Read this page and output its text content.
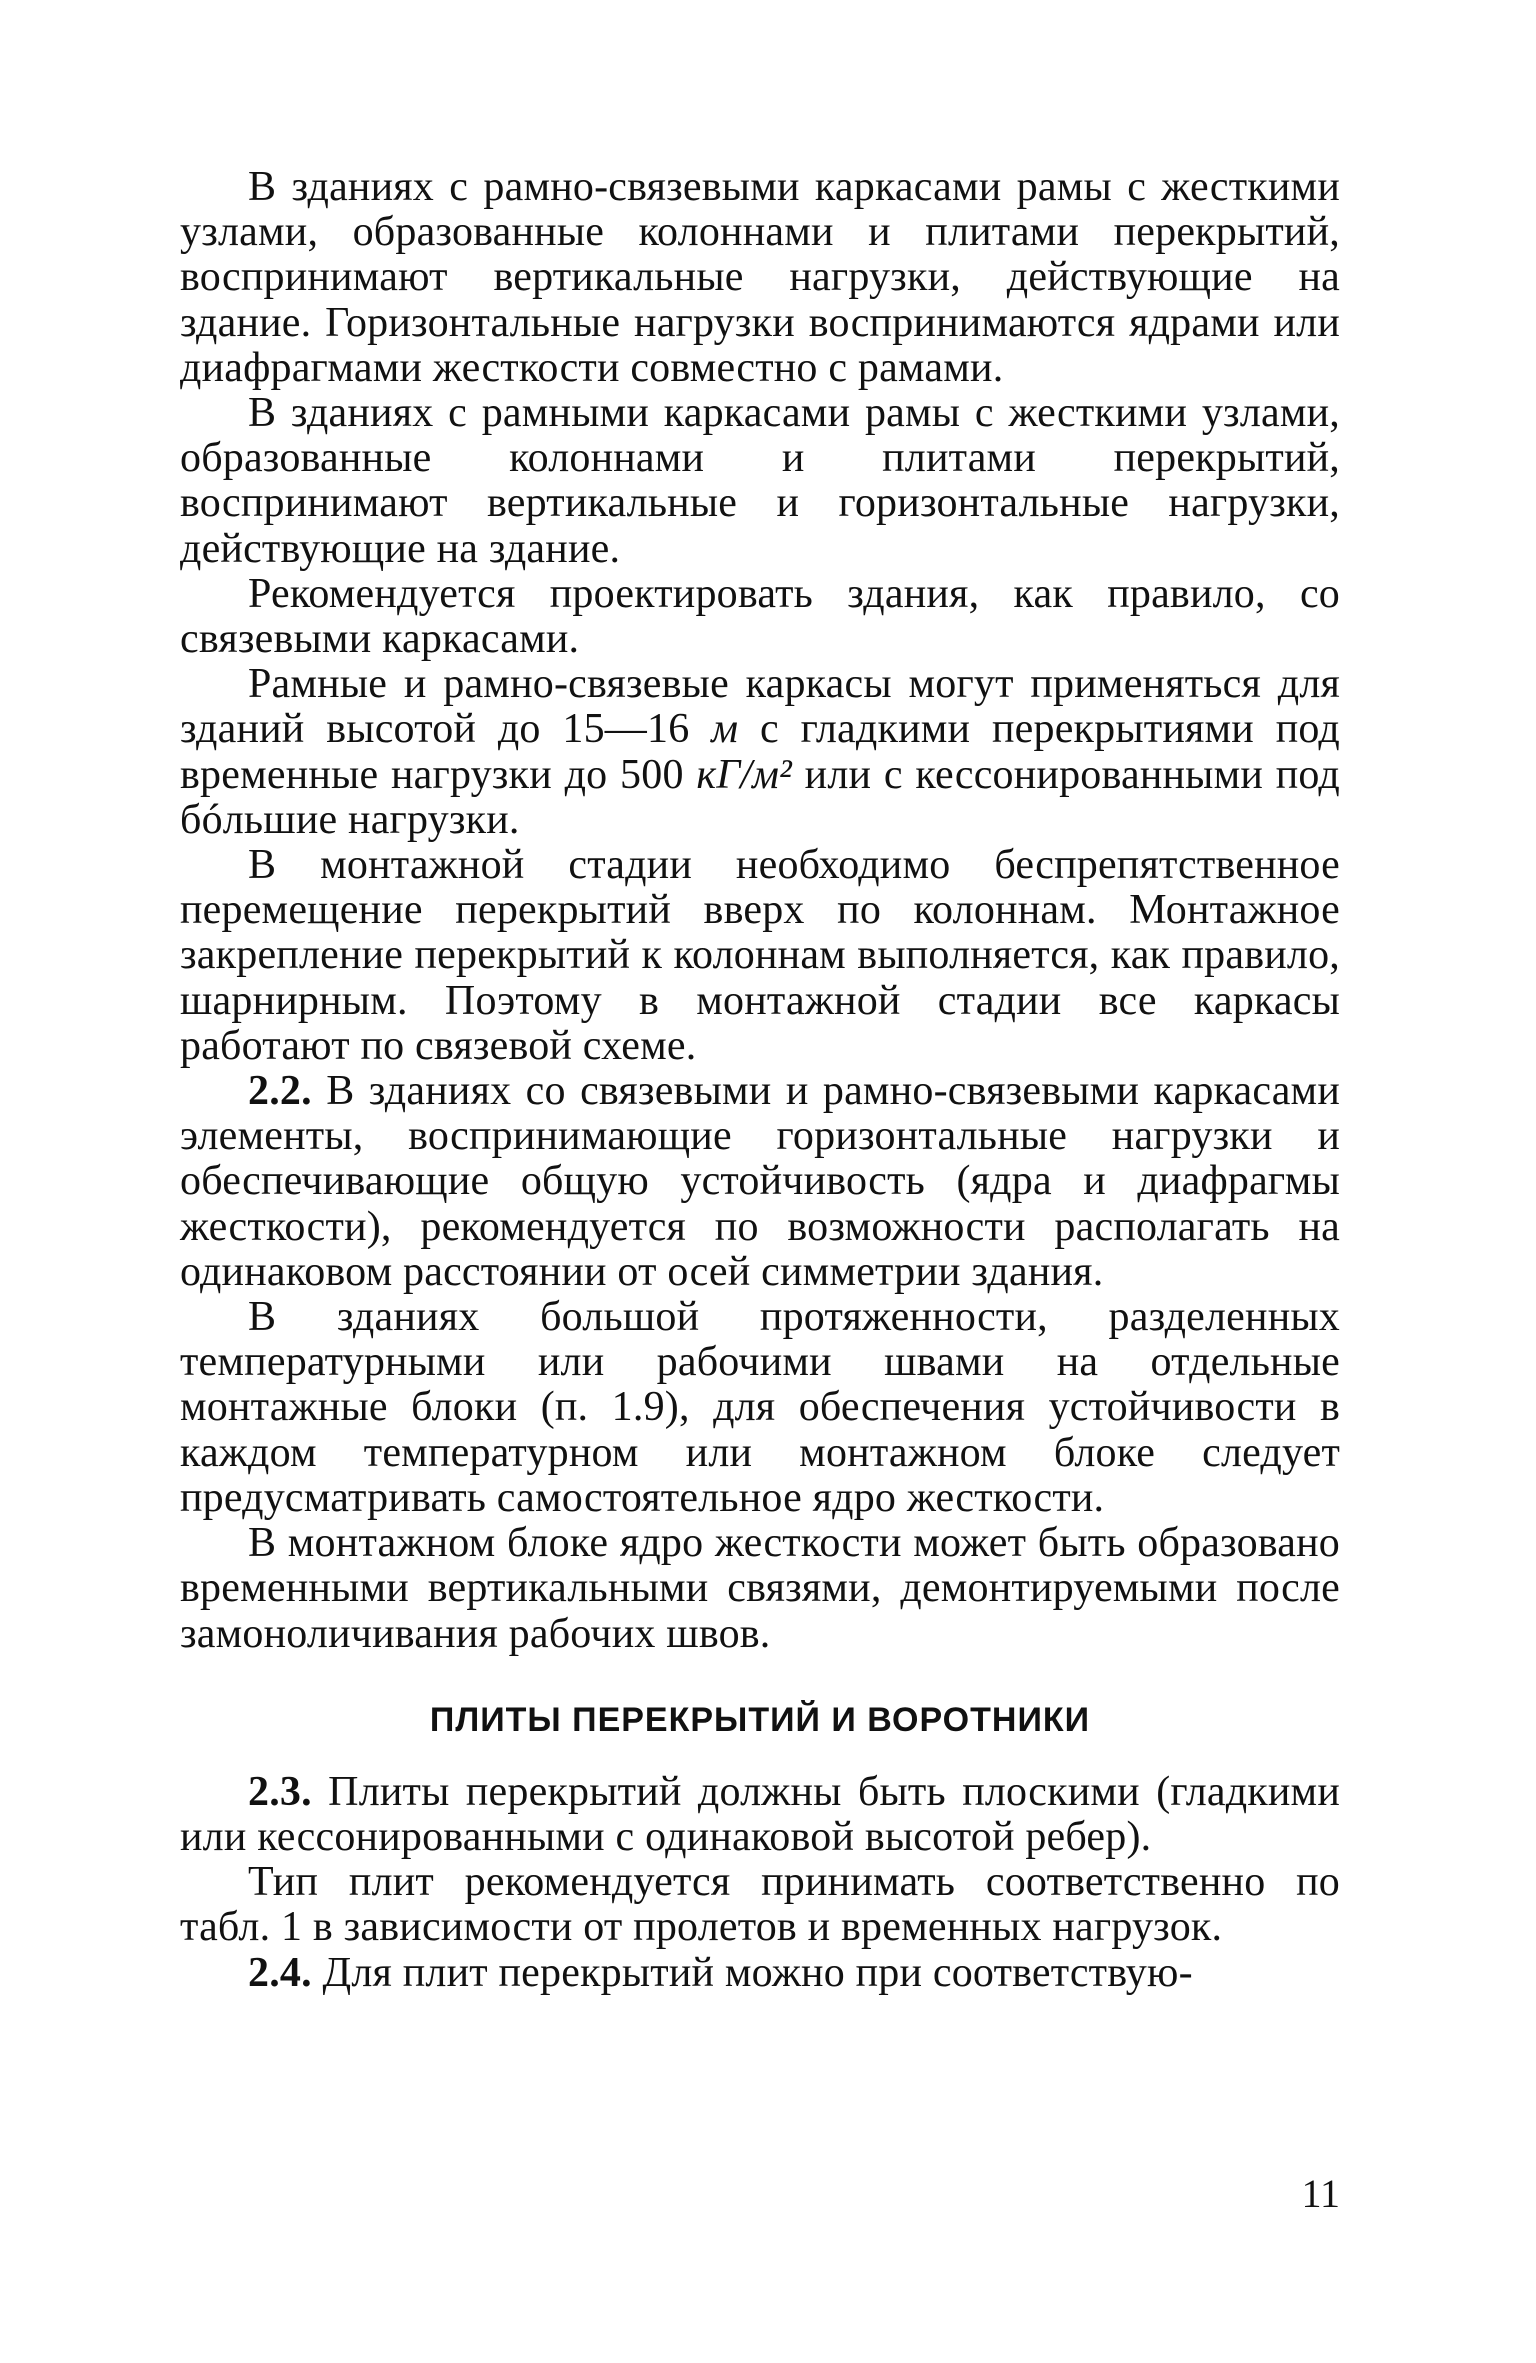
В зданиях с рамно-связевыми каркасами рамы с жесткими узлами, образованные колоннами и плитами перекрытий, воспринимают вертикальные нагрузки, действующие на здание. Горизонтальные нагрузки воспринимаются ядрами или диафрагмами жесткости совместно с рамами.

В зданиях с рамными каркасами рамы с жесткими узлами, образованные колоннами и плитами перекрытий, воспринимают вертикальные и горизонтальные нагрузки, действующие на здание.

Рекомендуется проектировать здания, как правило, со связевыми каркасами.

Рамные и рамно-связевые каркасы могут применяться для зданий высотой до 15—16 м с гладкими перекрытиями под временные нагрузки до 500 кГ/м² или с кессонированными под бóльшие нагрузки.

В монтажной стадии необходимо беспрепятственное перемещение перекрытий вверх по колоннам. Монтажное закрепление перекрытий к колоннам выполняется, как правило, шарнирным. Поэтому в монтажной стадии все каркасы работают по связевой схеме.

2.2. В зданиях со связевыми и рамно-связевыми каркасами элементы, воспринимающие горизонтальные нагрузки и обеспечивающие общую устойчивость (ядра и диафрагмы жесткости), рекомендуется по возможности располагать на одинаковом расстоянии от осей симметрии здания.

В зданиях большой протяженности, разделенных температурными или рабочими швами на отдельные монтажные блоки (п. 1.9), для обеспечения устойчивости в каждом температурном или монтажном блоке следует предусматривать самостоятельное ядро жесткости.

В монтажном блоке ядро жесткости может быть образовано временными вертикальными связями, демонтируемыми после замоноличивания рабочих швов.

ПЛИТЫ ПЕРЕКРЫТИЙ И ВОРОТНИКИ

2.3. Плиты перекрытий должны быть плоскими (гладкими или кессонированными с одинаковой высотой ребер).

Тип плит рекомендуется принимать соответственно по табл. 1 в зависимости от пролетов и временных нагрузок.

2.4. Для плит перекрытий можно при соответствую-

11
